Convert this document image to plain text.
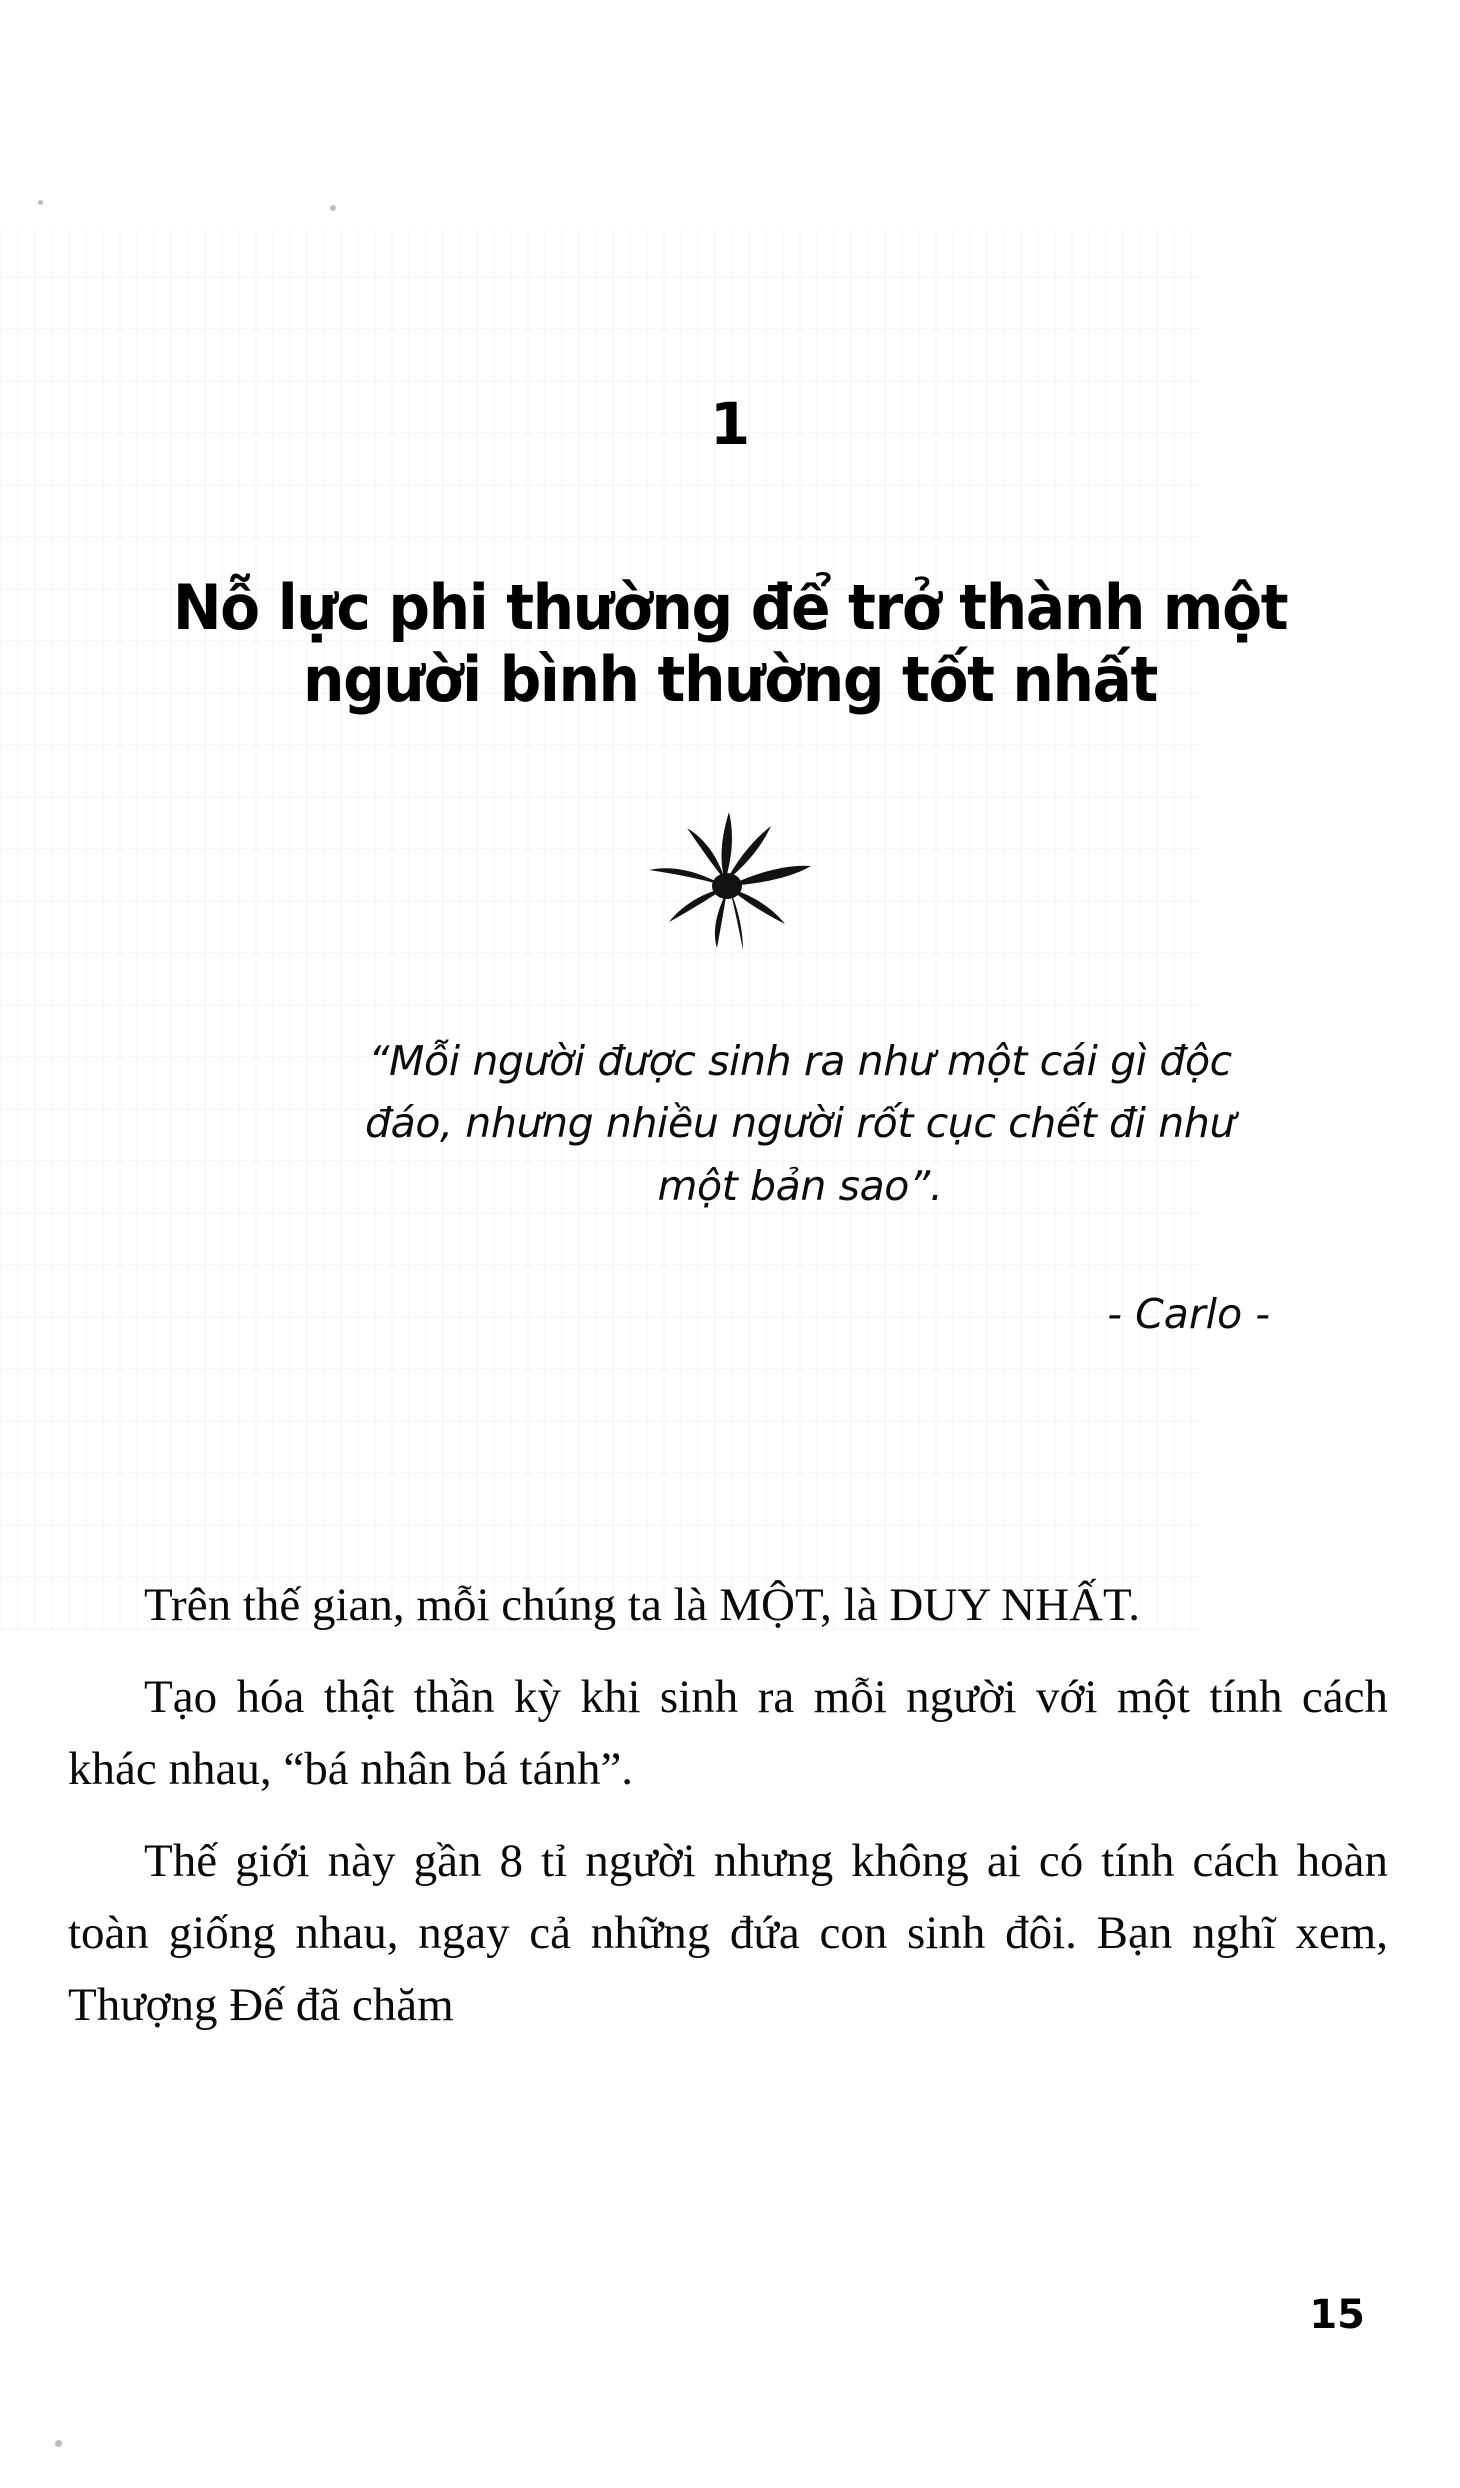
1
Nỗ lực phi thường để trở thành một người bình thường tốt nhất
“Mỗi người được sinh ra như một cái gì độc đáo, nhưng nhiều người rốt cục chết đi như một bản sao”.
- Carlo -

Trên thế gian, mỗi chúng ta là MỘT, là DUY NHẤT.

Tạo hóa thật thần kỳ khi sinh ra mỗi người với một tính cách khác nhau, “bá nhân bá tánh”.

Thế giới này gần 8 tỉ người nhưng không ai có tính cách hoàn toàn giống nhau, ngay cả những đứa con sinh đôi. Bạn nghĩ xem, Thượng Đế đã chăm

15
